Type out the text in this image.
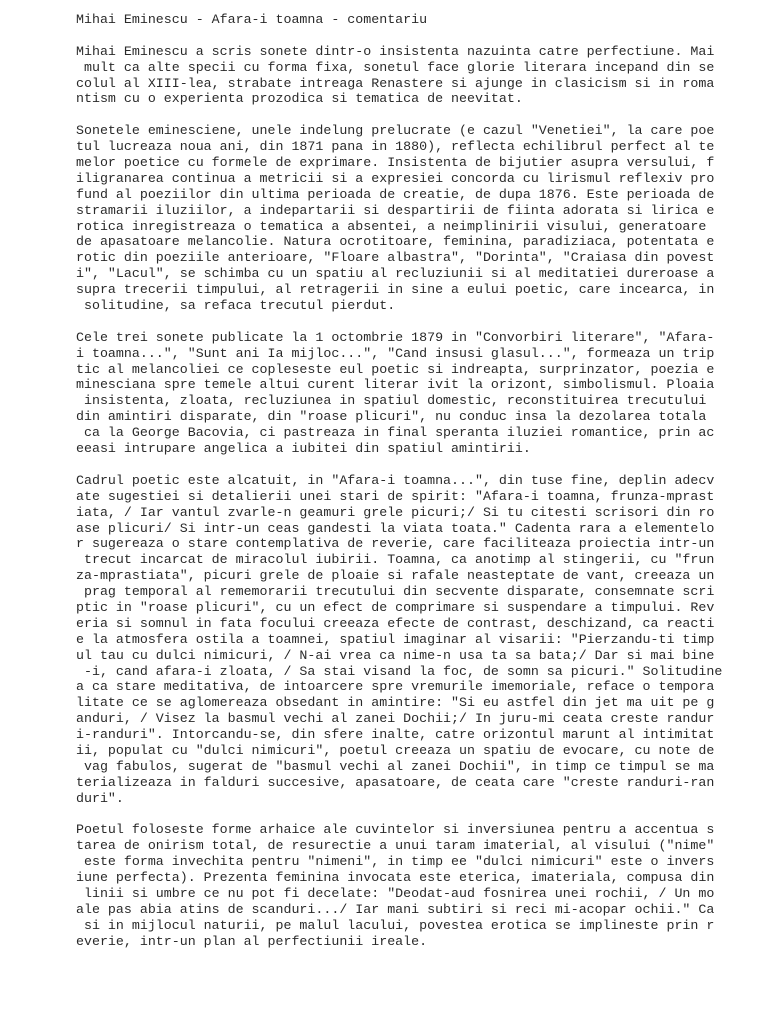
Mihai Eminescu - Afara-i toamna - comentariu
Mihai Eminescu a scris sonete dintr-o insistenta nazuinta catre perfectiune. Mai
mult ca alte specii cu forma fixa, sonetul face glorie literara incepand din se
colul al XIII-lea, strabate intreaga Renastere si ajunge in clasicism si in roma
ntism cu o experienta prozodica si tematica de neevitat.
Sonetele eminesciene, unele indelung prelucrate (e cazul "Venetiei", la care poe
tul lucreaza noua ani, din 1871 pana in 1880), reflecta echilibrul perfect al te
melor poetice cu formele de exprimare. Insistenta de bijutier asupra versului, f
iligranarea continua a metricii si a expresiei concorda cu lirismul reflexiv pro
fund al poeziilor din ultima perioada de creatie, de dupa 1876. Este perioada de
stramarii iluziilor, a indepartarii si despartirii de fiinta adorata si lirica e
rotica inregistreaza o tematica a absentei, a neimplinirii visului, generatoare
de apasatoare melancolie. Natura ocrotitoare, feminina, paradiziaca, potentata e
rotic din poeziile anterioare, "Floare albastra", "Dorinta", "Craiasa din povest
i", "Lacul", se schimba cu un spatiu al recluziunii si al meditatiei dureroase a
supra trecerii timpului, al retragerii in sine a eului poetic, care incearca, in
solitudine, sa refaca trecutul pierdut.
Cele trei sonete publicate la 1 octombrie 1879 in "Convorbiri literare", "Afara-
i toamna...", "Sunt ani Ia mijloc...", "Cand insusi glasul...", formeaza un trip
tic al melancoliei ce copleseste eul poetic si indreapta, surprinzator, poezia e
minesciana spre temele altui curent literar ivit la orizont, simbolismul. Ploaia
insistenta, zloata, recluziunea in spatiul domestic, reconstituirea trecutului
din amintiri disparate, din "roase plicuri", nu conduc insa la dezolarea totala
ca la George Bacovia, ci pastreaza in final speranta iluziei romantice, prin ac
eeasi intrupare angelica a iubitei din spatiul amintirii.
Cadrul poetic este alcatuit, in "Afara-i toamna...", din tuse fine, deplin adecv
ate sugestiei si detalierii unei stari de spirit: "Afara-i toamna, frunza-mprast
iata, / Iar vantul zvarle-n geamuri grele picuri;/ Si tu citesti scrisori din ro
ase plicuri/ Si intr-un ceas gandesti la viata toata." Cadenta rara a elementelo
r sugereaza o stare contemplativa de reverie, care faciliteaza proiectia intr-un
trecut incarcat de miracolul iubirii. Toamna, ca anotimp al stingerii, cu "frun
za-mprastiata", picuri grele de ploaie si rafale neasteptate de vant, creeaza un
prag temporal al rememorarii trecutului din secvente disparate, consemnate scri
ptic in "roase plicuri", cu un efect de comprimare si suspendare a timpului. Rev
eria si somnul in fata focului creeaza efecte de contrast, deschizand, ca reacti
e la atmosfera ostila a toamnei, spatiul imaginar al visarii: "Pierzandu-ti timp
ul tau cu dulci nimicuri, / N-ai vrea ca nime-n usa ta sa bata;/ Dar si mai bine
-i, cand afara-i zloata, / Sa stai visand la foc, de somn sa picuri." Solitudine
a ca stare meditativa, de intoarcere spre vremurile imemoriale, reface o tempora
litate ce se aglomereaza obsedant in amintire: "Si eu astfel din jet ma uit pe g
anduri, / Visez la basmul vechi al zanei Dochii;/ In juru-mi ceata creste randur
i-randuri". Intorcandu-se, din sfere inalte, catre orizontul marunt al intimitat
ii, populat cu "dulci nimicuri", poetul creeaza un spatiu de evocare, cu note de
vag fabulos, sugerat de "basmul vechi al zanei Dochii", in timp ce timpul se ma
terializeaza in falduri succesive, apasatoare, de ceata care "creste randuri-ran
duri".
Poetul foloseste forme arhaice ale cuvintelor si inversiunea pentru a accentua s
tarea de onirism total, de resurectie a unui taram imaterial, al visului ("nime"
este forma invechita pentru "nimeni", in timp ee "dulci nimicuri" este o invers
iune perfecta). Prezenta feminina invocata este eterica, imateriala, compusa din
linii si umbre ce nu pot fi decelate: "Deodat-aud fosnirea unei rochii, / Un mo
ale pas abia atins de scanduri.../ Iar mani subtiri si reci mi-acopar ochii." Ca
si in mijlocul naturii, pe malul lacului, povestea erotica se implineste prin r
everie, intr-un plan al perfectiunii ireale.
